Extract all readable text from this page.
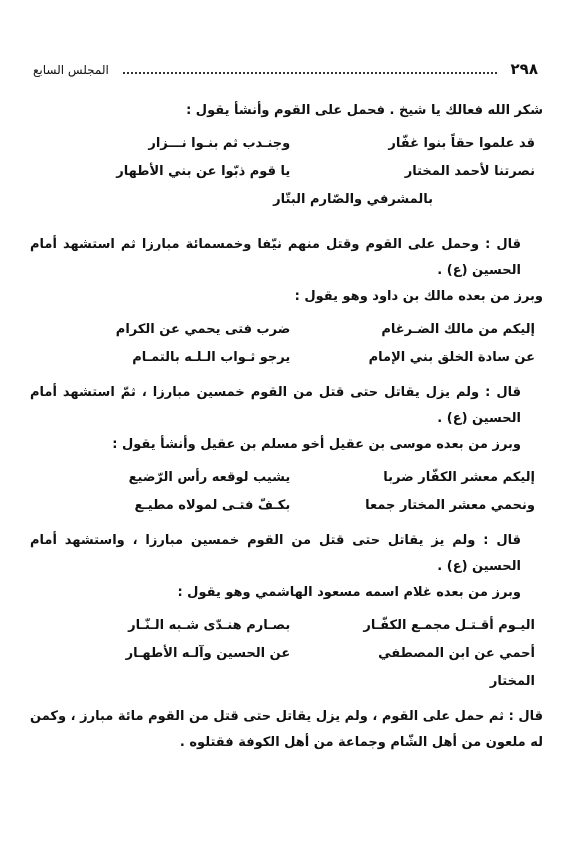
٢٩٨
المجلس السابع

شكر الله فعالك يا شيخ . فحمل على القوم وأنشأ يقول :

قد علموا حقاً بنوا غفّار
وجنـدب ثم بنـوا نـــزار
نصرتنا لأحمد المختار
يا قوم ذبّوا عن بني الأطهار
بالمشرفي والصّارم البتّار

قال : وحمل على القوم وقتل منهم نيّفا وخمسمائة مبارزا ثم استشهد أمام الحسين (ع) .

وبرز من بعده مالك بن داود وهو يقول :

إليكم من مالك الضـرغام
ضرب فتى يحمي عن الكرام
عن سادة الخلق بني الإمام
يرجو ثـواب الـلـه بالتمـام

قال : ولم يزل يقاتل حتى قتل من القوم خمسين مبارزا ، ثمّ استشهد أمام الحسين (ع) .

وبرز من بعده موسى بن عقيل أخو مسلم بن عقيل وأنشأ يقول :

إليكم معشر الكفّار ضربا
يشيب لوقعه رأس الرّضيع
ونحمي معشر المختار جمعا
بكـفّ فتـى لمولاه مطيـع

قال : ولم يز يقاتل حتى قتل من القوم خمسين مبارزا ، واستشهد أمام الحسين (ع) .

وبرز من بعده غلام اسمه مسعود الهاشمي وهو يقول :

اليـوم أقـتـل مجمـع الكفّـار
بصـارم هنـدّى شـبه الـنّـار
أحمي عن ابن المصطفي المختار
عن الحسين وآلـه الأطهـار

قال : ثم حمل على القوم ، ولم يزل يقاتل حتى قتل من القوم مائة مبارز ، وكمن له ملعون من أهل الشّام وجماعة من أهل الكوفة فقتلوه .
